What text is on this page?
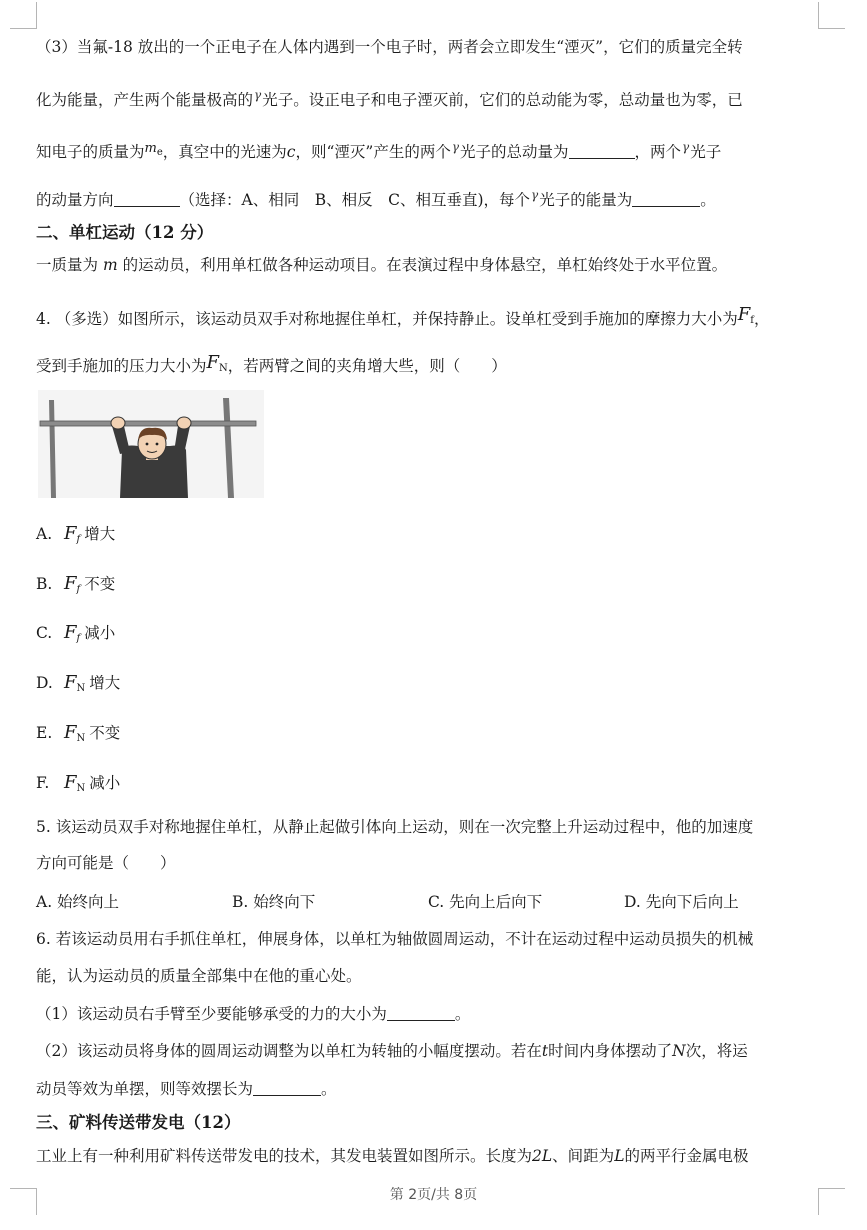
（3）当氟-18 放出的一个正电子在人体内遇到一个电子时，两者会立即发生“湮灭”，它们的质量完全转
化为能量，产生两个能量极高的$^\gamma$光子。设正电子和电子湮灭前，它们的总动能为零，总动量也为零，已
知电子的质量为$^{m_e}$，真空中的光速为c，则“湮灭”产生的两个$^\gamma$光子的总动量为	，两个$^\gamma$光子
的动量方向	（选择：A、相同　B、相反　C、相互垂直)，每个$^\gamma$光子的能量为	。
二、单杠运动（12 分）
一质量为 m 的运动员，利用单杠做各种运动项目。在表演过程中身体悬空，单杠始终处于水平位置。
4. （多选）如图所示，该运动员双手对称地握住单杠，并保持静止。设单杠受到手施加的摩擦力大小为$F_f$，
受到手施加的压力大小为$F_N$，若两臂之间的夹角增大些，则（　　）
A. Ff 增大
B. Ff 不变
C. Ff 减小
D. $F_N$ 增大
E. $F_N$ 不变
F. $F_N$ 减小
5. 该运动员双手对称地握住单杠，从静止起做引体向上运动，则在一次完整上升运动过程中，他的加速度
方向可能是（　　）
A. 始终向上	B. 始终向下	C. 先向上后向下	D. 先向下后向上
6. 若该运动员用右手抓住单杠，伸展身体，以单杠为轴做圆周运动，不计在运动过程中运动员损失的机械
能，认为运动员的质量全部集中在他的重心处。
（1）该运动员右手臂至少要能够承受的力的大小为	。
（2）该运动员将身体的圆周运动调整为以单杠为转轴的小幅度摆动。若在t时间内身体摆动了N次，将运
动员等效为单摆，则等效摆长为	。
三、矿料传送带发电（12）
工业上有一种利用矿料传送带发电的技术，其发电装置如图所示。长度为2L、间距为L的两平行金属电极
第 2页/共 8页
